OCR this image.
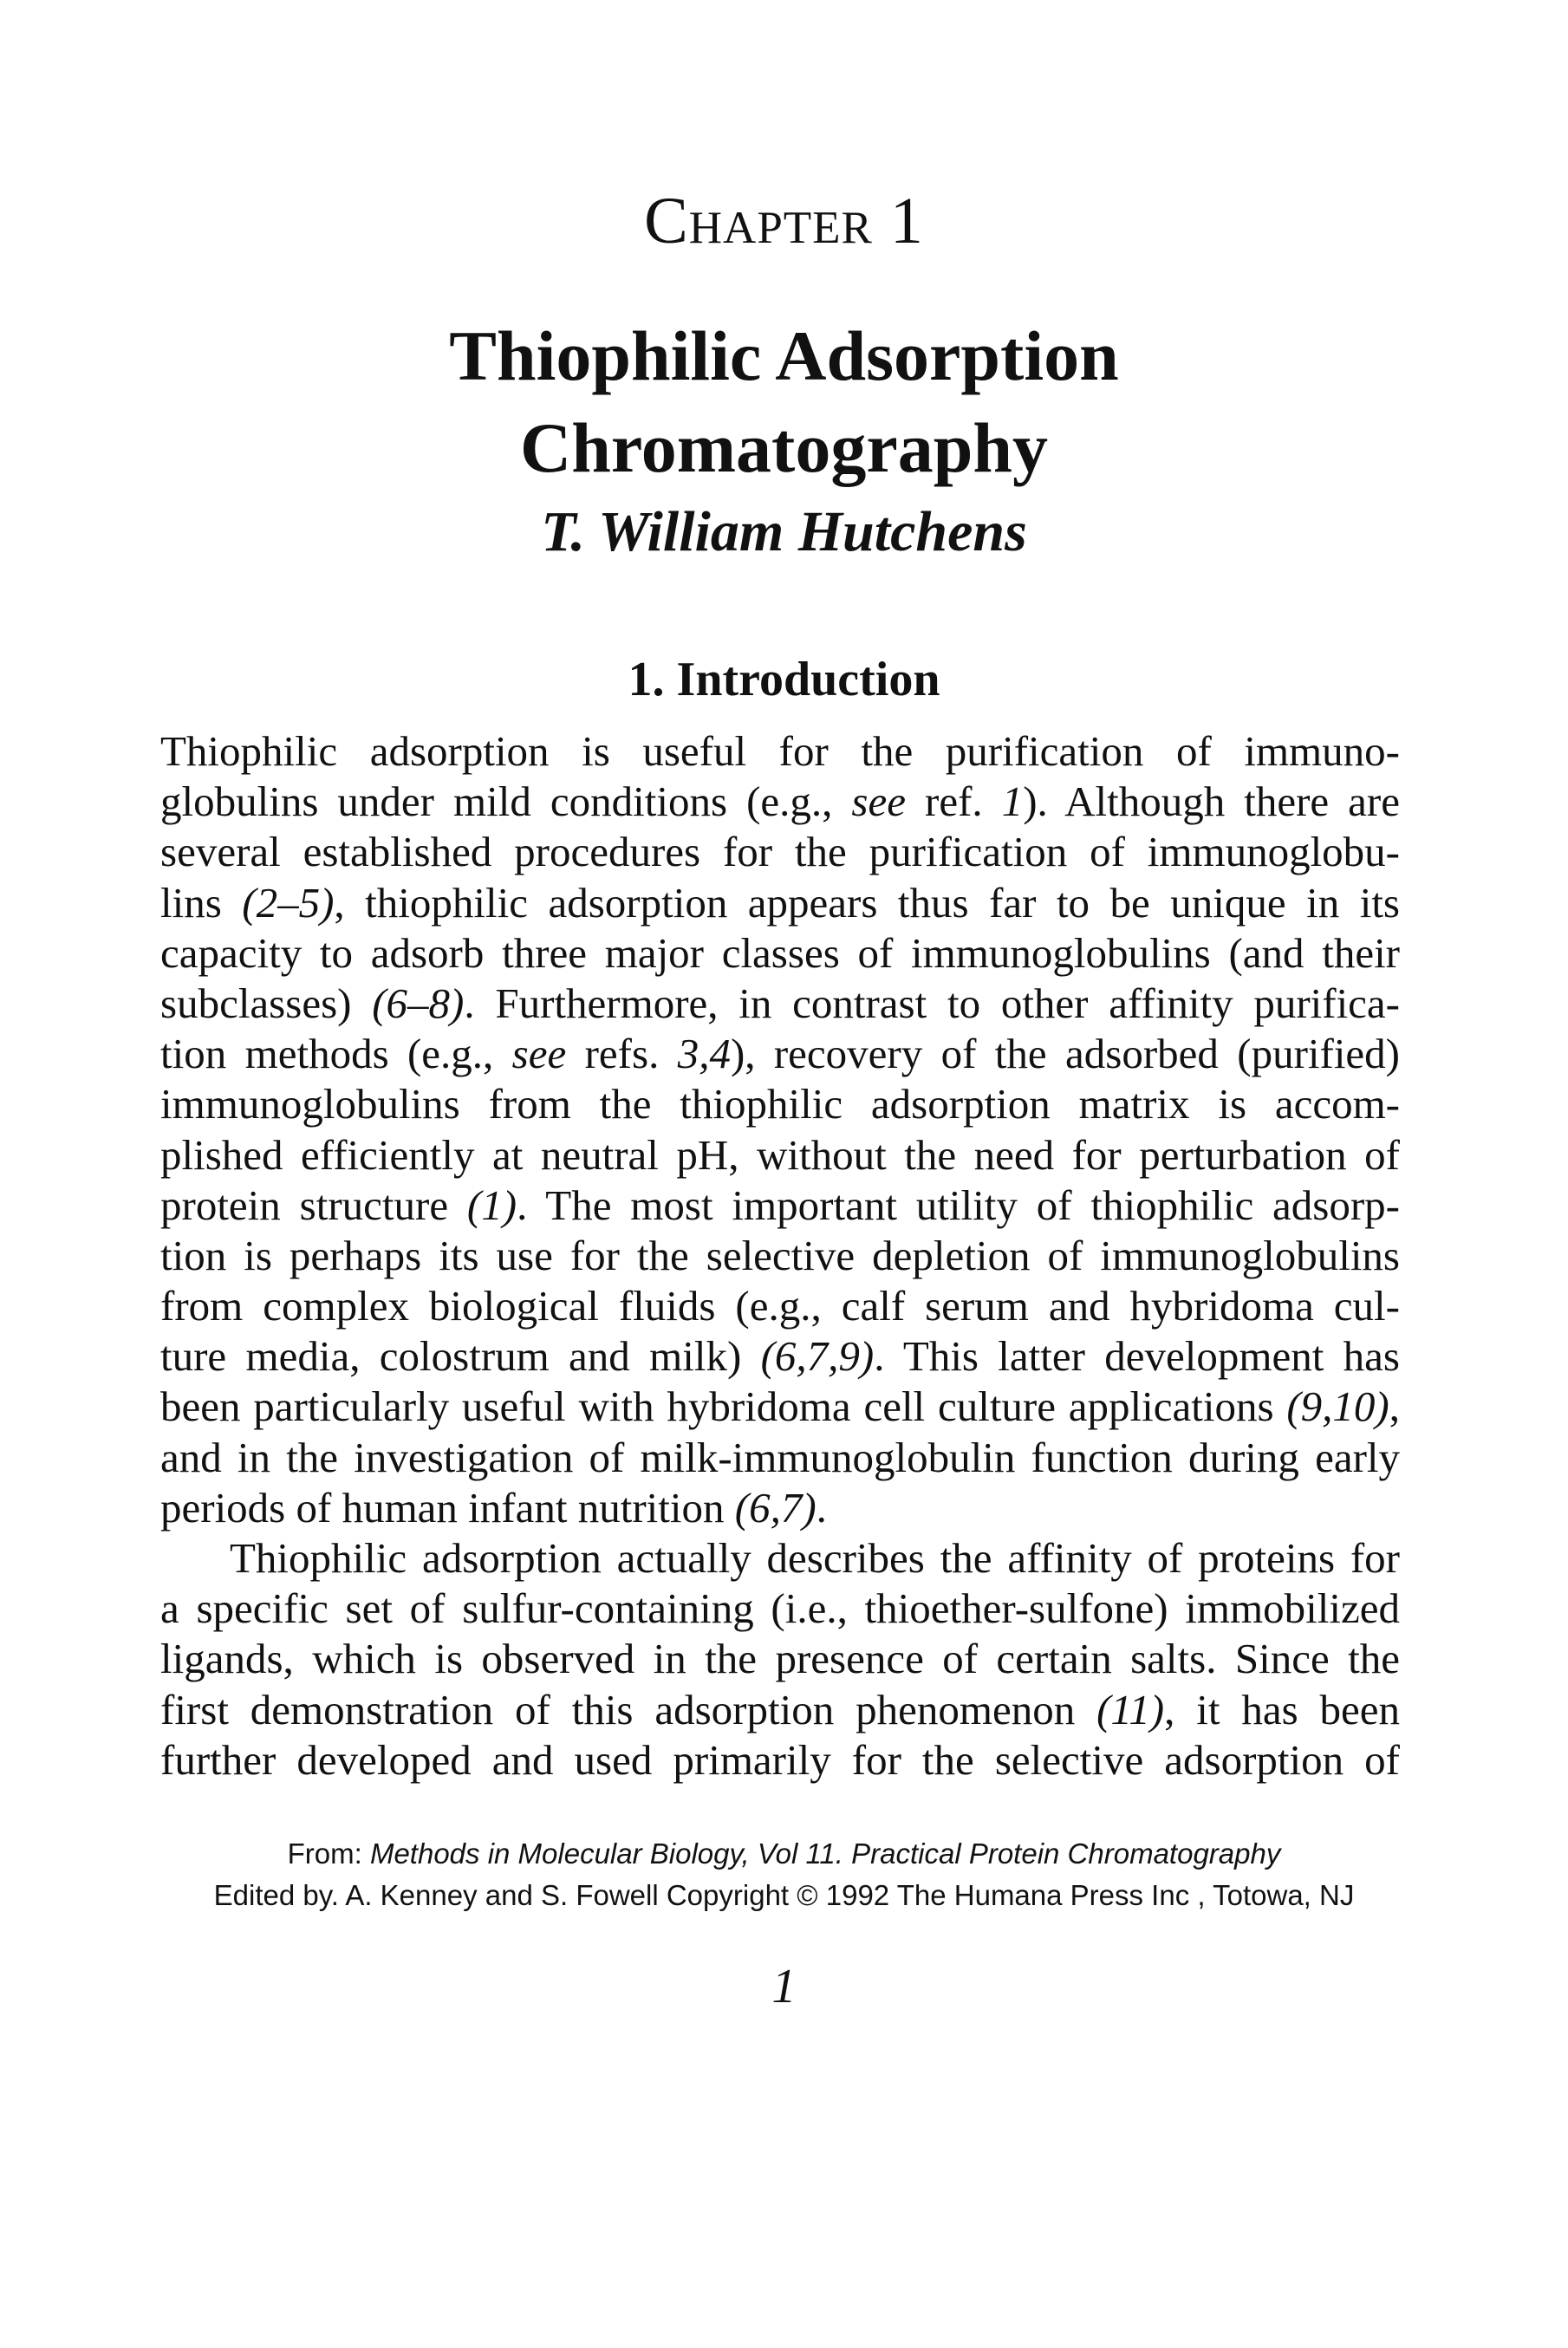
Chapter 1
Thiophilic Adsorption
Chromatography
T. William Hutchens
1. Introduction
Thiophilic adsorption is useful for the purification of immuno-
globulins under mild conditions (e.g., see ref. 1). Although there are
several established procedures for the purification of immunoglobu-
lins (2–5), thiophilic adsorption appears thus far to be unique in its
capacity to adsorb three major classes of immunoglobulins (and their
subclasses) (6–8). Furthermore, in contrast to other affinity purifica-
tion methods (e.g., see refs. 3,4), recovery of the adsorbed (purified)
immunoglobulins from the thiophilic adsorption matrix is accom-
plished efficiently at neutral pH, without the need for perturbation of
protein structure (1). The most important utility of thiophilic adsorp-
tion is perhaps its use for the selective depletion of immunoglobulins
from complex biological fluids (e.g., calf serum and hybridoma cul-
ture media, colostrum and milk) (6,7,9). This latter development has
been particularly useful with hybridoma cell culture applications (9,10),
and in the investigation of milk-immunoglobulin function during early
periods of human infant nutrition (6,7).
Thiophilic adsorption actually describes the affinity of proteins for
a specific set of sulfur-containing (i.e., thioether-sulfone) immobilized
ligands, which is observed in the presence of certain salts. Since the
first demonstration of this adsorption phenomenon (11), it has been
further developed and used primarily for the selective adsorption of
From: Methods in Molecular Biology, Vol 11. Practical Protein Chromatography
Edited by. A. Kenney and S. Fowell Copyright © 1992 The Humana Press Inc , Totowa, NJ
1
